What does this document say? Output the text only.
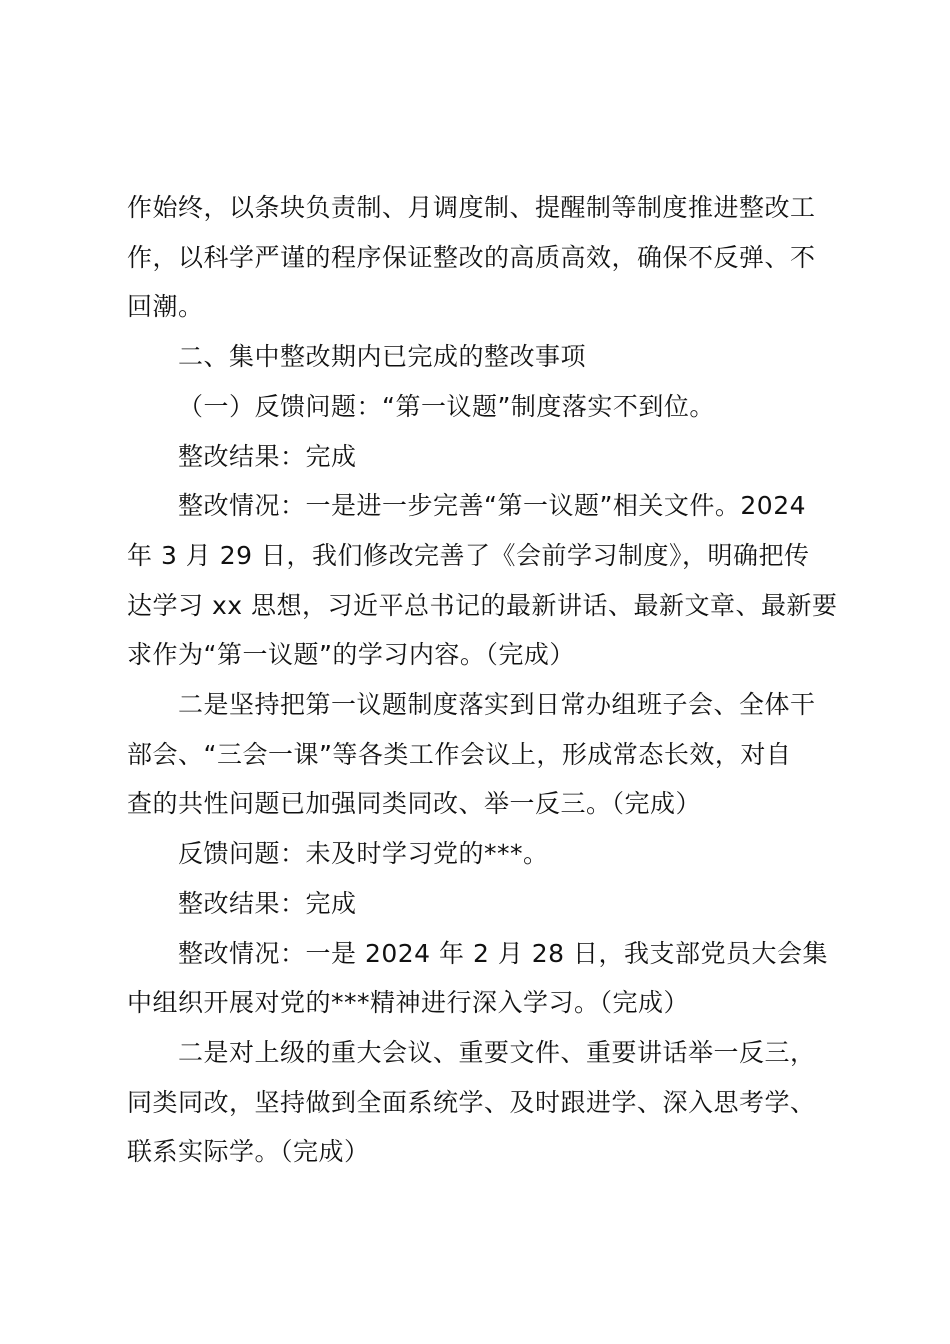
作始终，以条块负责制、月调度制、提醒制等制度推进整改工
作，以科学严谨的程序保证整改的高质高效，确保不反弹、不
回潮。
二、集中整改期内已完成的整改事项
（一）反馈问题：“第一议题”制度落实不到位。
整改结果：完成
整改情况：一是进一步完善“第一议题”相关文件。2024
年 3 月 29 日，我们修改完善了《会前学习制度》，明确把传
达学习 xx 思想，习近平总书记的最新讲话、最新文章、最新要
求作为“第一议题”的学习内容。（完成）
二是坚持把第一议题制度落实到日常办组班子会、全体干
部会、“三会一课”等各类工作会议上，形成常态长效，对自
查的共性问题已加强同类同改、举一反三。（完成）
反馈问题：未及时学习党的***。
整改结果：完成
整改情况：一是 2024 年 2 月 28 日，我支部党员大会集
中组织开展对党的***精神进行深入学习。（完成）
二是对上级的重大会议、重要文件、重要讲话举一反三，
同类同改，坚持做到全面系统学、及时跟进学、深入思考学、
联系实际学。（完成）
